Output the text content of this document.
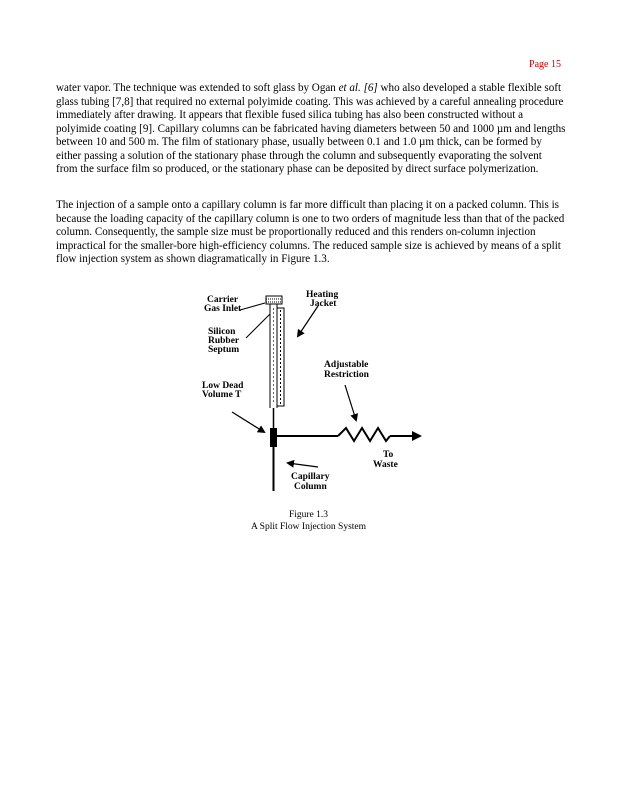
Page 15

water vapor. The technique was extended to soft glass by Ogan et al. [6] who also developed a stable flexible soft glass tubing [7,8] that required no external polyimide coating. This was achieved by a careful annealing procedure immediately after drawing. It appears that flexible fused silica tubing has also been constructed without a polyimide coating [9]. Capillary columns can be fabricated having diameters between 50 and 1000 µm and lengths between 10 and 500 m. The film of stationary phase, usually between 0.1 and 1.0 µm thick, can be formed by either passing a solution of the stationary phase through the column and subsequently evaporating the solvent from the surface film so produced, or the stationary phase can be deposited by direct surface polymerization.

The injection of a sample onto a capillary column is far more difficult than placing it on a packed column. This is because the loading capacity of the capillary column is one to two orders of magnitude less than that of the packed column. Consequently, the sample size must be proportionally reduced and this renders on-column injection impractical for the smaller-bore high-efficiency columns. The reduced sample size is achieved by means of a split flow injection system as shown diagramatically in Figure 1.3.

Carrier
Gas Inlet
Heating
Jacket
Silicon
Rubber
Septum
Adjustable
Restriction
Low Dead
Volume T
To
Waste
Capillary
Column
Figure 1.3
A Split Flow Injection System
